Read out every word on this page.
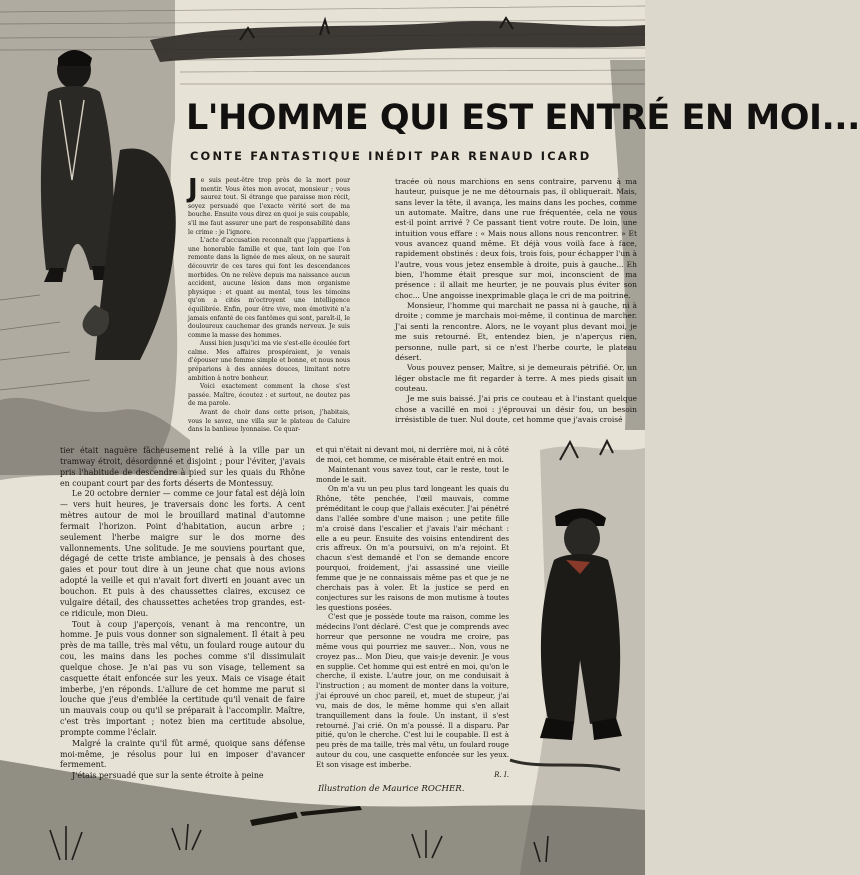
L'HOMME QUI EST ENTRÉ EN MOI...
CONTE FANTASTIQUE INÉDIT PAR RENAUD ICARD

Je suis peut-être trop près de la mort pour mentir. Vous êtes mon avocat, monsieur ; vous saurez tout. Si étrange que paraisse mon récit, soyez persuadé que l'exacte vérité sort de ma bouche. Ensuite vous direz en quoi je suis coupable, s'il me faut assurer une part de responsabilité dans le crime : je l'ignore.

L'acte d'accusation reconnaît que j'appartiens à une honorable famille et que, tant loin que l'on remonte dans la lignée de mes aïeux, on ne saurait découvrir de ces tares qui font les descendances morbides. On ne relève depuis ma naissance aucun accident, aucune lésion dans mon organisme physique : et quant au mental, tous les témoins qu'on a cités m'octroyent une intelligence équilibrée. Enfin, pour être vive, mon émotivité n'a jamais enfanté de ces fantômes qui sont, paraît-il, le douloureux cauchemar des grands nerveux. Je suis comme la masse des hommes.

Aussi bien jusqu'ici ma vie s'est-elle écoulée fort calme. Mes affaires prospéraient, je venais d'épouser une femme simple et bonne, et nous nous préparions à des années douces, limitant notre ambition à notre bonheur.

Voici exactement comment la chose s'est passée. Maître, écoutez : et surtout, ne doutez pas de ma parole.

Avant de choir dans cette prison, j'habitais, vous le savez, une villa sur le plateau de Caluire dans la banlieue lyonnaise. Ce quar-

tier était naguère fâcheusement relié à la ville par un tramway étroit, désordonné et disjoint ; pour l'éviter, j'avais pris l'habitude de descendre à pied sur les quais du Rhône en coupant court par des forts déserts de Montessuy.

Le 20 octobre dernier — comme ce jour fatal est déjà loin — vers huit heures, je traversais donc les forts. A cent mètres autour de moi le brouillard matinal d'automne fermait l'horizon. Point d'habitation, aucun arbre ; seulement l'herbe maigre sur le dos morne des vallonnements. Une solitude. Je me souviens pourtant que, dégagé de cette triste ambiance, je pensais à des choses gaies et pour tout dire à un jeune chat que nous avions adopté la veille et qui n'avait fort diverti en jouant avec un bouchon. Et puis à des chaussettes claires, excusez ce vulgaire détail, des chaussettes achetées trop grandes, est-ce ridicule, mon Dieu.

Tout à coup j'aperçois, venant à ma rencontre, un homme. Je puis vous donner son signalement. Il était à peu près de ma taille, très mal vêtu, un foulard rouge autour du cou, les mains dans les poches comme s'il dissimulait quelque chose. Je n'ai pas vu son visage, tellement sa casquette était enfoncée sur les yeux. Mais ce visage était imberbe, j'en réponds. L'allure de cet homme me parut si louche que j'eus d'emblée la certitude qu'il venait de faire un mauvais coup ou qu'il se préparait à l'accomplir. Maître, c'est très important ; notez bien ma certitude absolue, prompte comme l'éclair.

Malgré la crainte qu'il fût armé, quoique sans défense moi-même, je résolus pour lui en imposer d'avancer fermement.

J'étais persuadé que sur la sente étroite à peine

tracée où nous marchions en sens contraire, parvenu à ma hauteur, puisque je ne me détournais pas, il obliquerait. Mais, sans lever la tête, il avança, les mains dans les poches, comme un automate. Maître, dans une rue fréquentée, cela ne vous est-il point arrivé ? Ce passant tient votre route. De loin, une intuition vous effare : « Mais nous allons nous rencontrer. » Et vous avancez quand même. Et déjà vous voilà face à face, rapidement obstinés : deux fois, trois fois, pour échapper l'un à l'autre, vous vous jetez ensemble à droite, puis à gauche... Eh bien, l'homme était presque sur moi, inconscient de ma présence : il allait me heurter, je ne pouvais plus éviter son choc... Une angoisse inexprimable glaça le cri de ma poitrine.

Monsieur, l'homme qui marchait ne passa ni à gauche, ni à droite ; comme je marchais moi-même, il continua de marcher. J'ai senti la rencontre. Alors, ne le voyant plus devant moi, je me suis retourné. Et, entendez bien, je n'aperçus rien, personne, nulle part, si ce n'est l'herbe courte, le plateau désert.

Vous pouvez penser, Maître, si je demeurais pétrifié. Or, un léger obstacle me fit regarder à terre. A mes pieds gisait un couteau.

Je me suis baissé. J'ai pris ce couteau et à l'instant quelque chose a vacillé en moi : j'éprouvai un désir fou, un besoin irrésistible de tuer. Nul doute, cet homme que j'avais croisé

et qui n'était ni devant moi, ni derrière moi, ni à côté de moi, cet homme, ce misérable était entré en moi.

Maintenant vous savez tout, car le reste, tout le monde le sait.

On m'a vu un peu plus tard longeant les quais du Rhône, tête penchée, l'œil mauvais, comme préméditant le coup que j'allais exécuter. J'ai pénétré dans l'allée sombre d'une maison ; une petite fille m'a croisé dans l'escalier et j'avais l'air méchant : elle a eu peur. Ensuite des voisins entendirent des cris affreux. On m'a poursuivi, on m'a rejoint. Et chacun s'est demandé et l'on se demande encore pourquoi, froidement, j'ai assassiné une vieille femme que je ne connaissais même pas et que je ne cherchais pas à voler. Et la justice se perd en conjectures sur les raisons de mon mutisme à toutes les questions posées.

C'est que je possède toute ma raison, comme les médecins l'ont déclaré. C'est que je comprends avec horreur que personne ne voudra me croire, pas même vous qui pourriez me sauver... Non, vous ne croyez pas... Mon Dieu, que vais-je devenir. Je vous en supplie. Cet homme qui est entré en moi, qu'on le cherche, il existe. L'autre jour, on me conduisait à l'instruction ; au moment de monter dans la voiture, j'ai éprouvé un choc pareil, et, muet de stupeur, j'ai vu, mais de dos, le même homme qui s'en allait tranquillement dans la foule. Un instant, il s'est retourné. J'ai crié. On m'a poussé. Il a disparu. Par pitié, qu'on le cherche. C'est lui le coupable. Il est à peu près de ma taille, très mal vêtu, un foulard rouge autour du cou, une casquette enfoncée sur les yeux. Et son visage est imberbe.

R. I.
Illustration de Maurice ROCHER.
